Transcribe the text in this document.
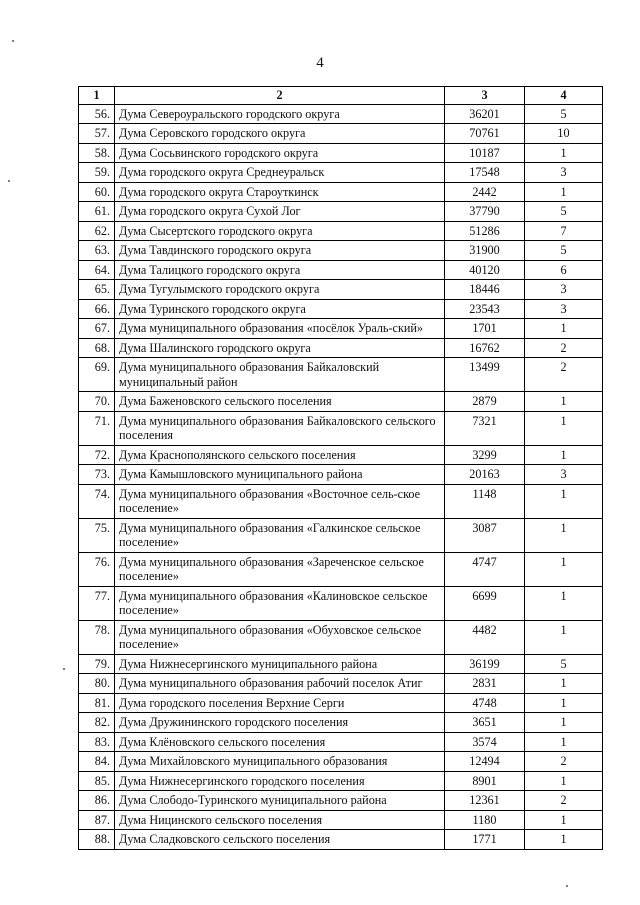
4
1	2	3	4
56.	Дума Североуральского городского округа	36201	5
57.	Дума Серовского городского округа	70761	10
58.	Дума Сосьвинского городского округа	10187	1
59.	Дума городского округа Среднеуральск	17548	3
60.	Дума городского округа Староуткинск	2442	1
61.	Дума городского округа Сухой Лог	37790	5
62.	Дума Сысертского городского округа	51286	7
63.	Дума Тавдинского городского округа	31900	5
64.	Дума Талицкого городского округа	40120	6
65.	Дума Тугулымского городского округа	18446	3
66.	Дума Туринского городского округа	23543	3
67.	Дума муниципального образования «посёлок Ураль-ский»	1701	1
68.	Дума Шалинского городского округа	16762	2
69.	Дума муниципального образования Байкаловский муниципальный район	13499	2
70.	Дума Баженовского сельского поселения	2879	1
71.	Дума муниципального образования Байкаловского сельского поселения	7321	1
72.	Дума Краснополянского сельского поселения	3299	1
73.	Дума Камышловского муниципального района	20163	3
74.	Дума муниципального образования «Восточное сель-ское поселение»	1148	1
75.	Дума муниципального образования «Галкинское сельское поселение»	3087	1
76.	Дума муниципального образования «Зареченское сельское поселение»	4747	1
77.	Дума муниципального образования «Калиновское сельское поселение»	6699	1
78.	Дума муниципального образования «Обуховское сельское поселение»	4482	1
79.	Дума Нижнесергинского муниципального района	36199	5
80.	Дума муниципального образования рабочий поселок Атиг	2831	1
81.	Дума городского поселения Верхние Серги	4748	1
82.	Дума Дружининского городского поселения	3651	1
83.	Дума Клёновского сельского поселения	3574	1
84.	Дума Михайловского муниципального образования	12494	2
85.	Дума Нижнесергинского городского поселения	8901	1
86.	Дума Слободо-Туринского муниципального района	12361	2
87.	Дума Ницинского сельского поселения	1180	1
88.	Дума Сладковского сельского поселения	1771	1
